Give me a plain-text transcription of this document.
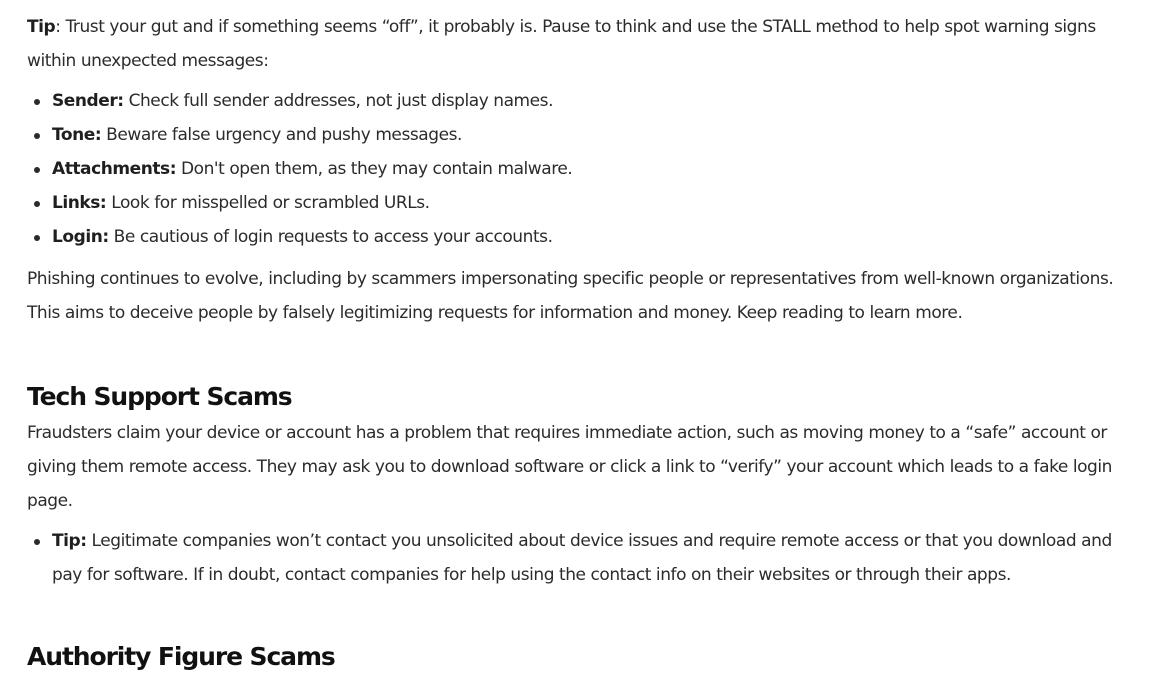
Tip: Trust your gut and if something seems “off”, it probably is. Pause to think and use the STALL method to help spot warning signs within unexpected messages:

Sender: Check full sender addresses, not just display names.
Tone: Beware false urgency and pushy messages.
Attachments: Don't open them, as they may contain malware.
Links: Look for misspelled or scrambled URLs.
Login: Be cautious of login requests to access your accounts.

Phishing continues to evolve, including by scammers impersonating specific people or representatives from well-known organizations. This aims to deceive people by falsely legitimizing requests for information and money. Keep reading to learn more.

Tech Support Scams

Fraudsters claim your device or account has a problem that requires immediate action, such as moving money to a “safe” account or giving them remote access. They may ask you to download software or click a link to “verify” your account which leads to a fake login page.

Tip: Legitimate companies won’t contact you unsolicited about device issues and require remote access or that you download and pay for software. If in doubt, contact companies for help using the contact info on their websites or through their apps.
Authority Figure Scams
